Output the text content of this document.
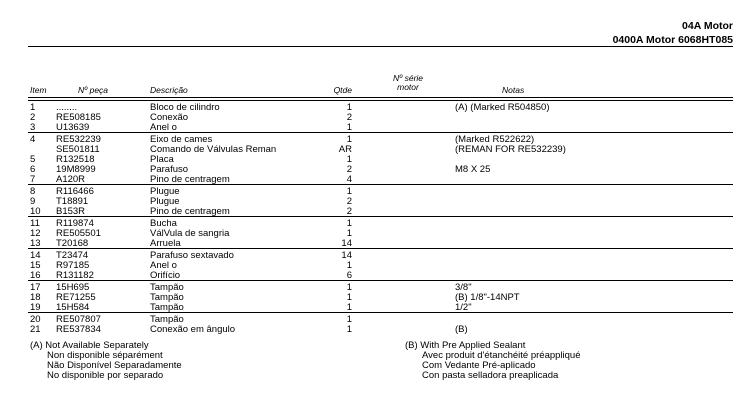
04A Motor
0400A Motor 6068HT085
Item	Nº peça	Descrição	Qtde
Nº série
motor	Notas
1 ........	Bloco de cilindro	1	(A) (Marked R504850)
2 RE508185	Conexão	2
3 U13639	Anel o	1
4 RE532239	Eixo de cames	1	(Marked R522622)
SE501811	Comando de Válvulas Reman	AR	(REMAN FOR RE532239)
5 R132518	Placa	1
6 19M8999	Parafuso	2	M8 X 25
7 A120R	Pino de centragem	4
8 R116466	Plugue	1
9 T18891	Plugue	2
10 B153R	Pino de centragem	2
11 R119874	Bucha	1
12 RE505501	VálVula de sangria	1
13 T20168	Arruela	14
14 T23474	Parafuso sextavado	14
15 R97185	Anel o	1
16 R131182	Orifício	6
17 15H695	Tampão	1	3/8"
18 RE71255	Tampão	1	(B) 1/8"-14NPT
19 15H584	Tampão	1	1/2"
20 RE507807	Tampão	1
21 RE537834	Conexão em ângulo	1	(B)
(A) Not Available Separately
Non disponible séparément
Não Disponível Separadamente
No disponible por separado
(B) With Pre Applied Sealant
Avec produit d'étanchéité préappliqué
Com Vedante Pré-aplicado
Con pasta selladora preaplicada
